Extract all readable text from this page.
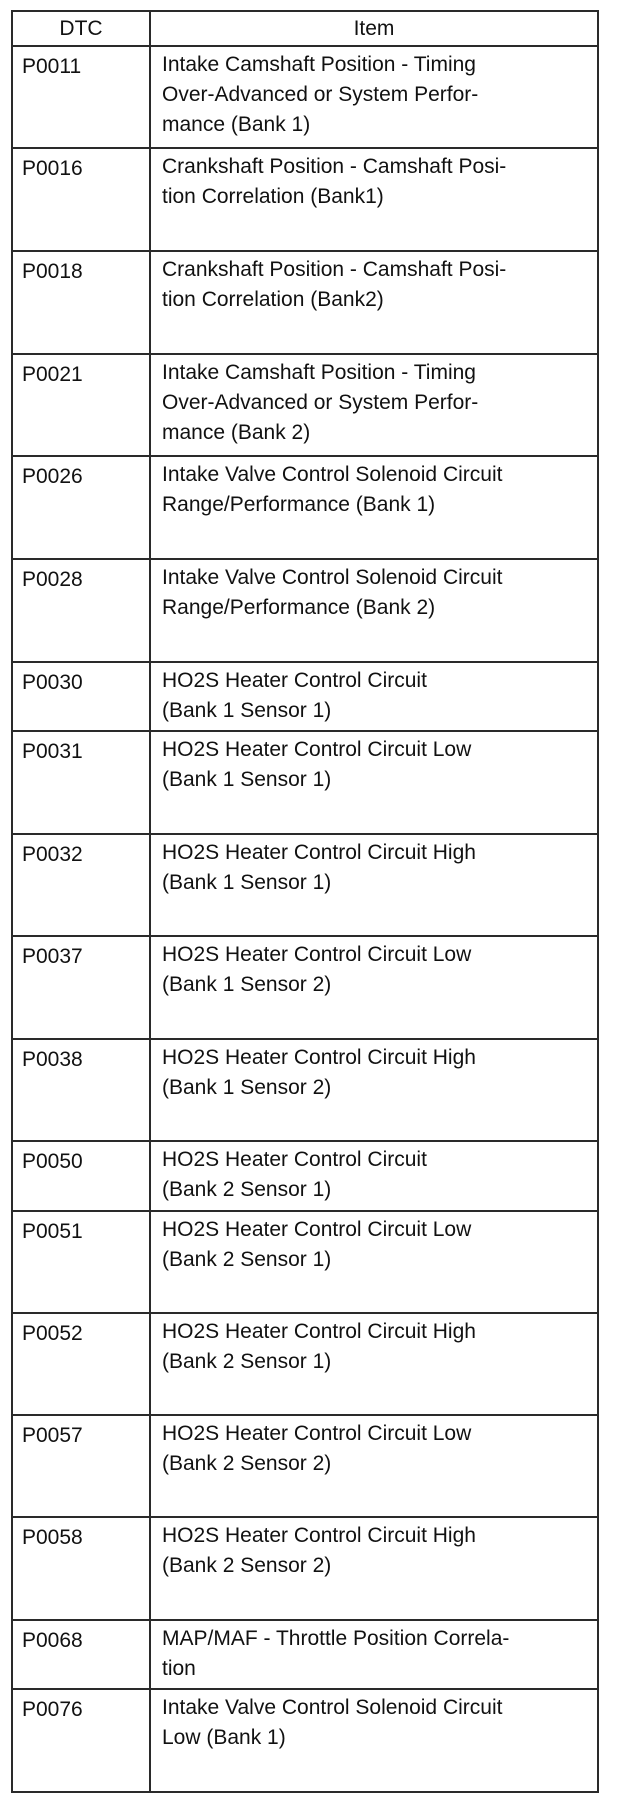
DTC	Item
P0011	Intake Camshaft Position - Timing
Over-Advanced or System Perfor-
mance (Bank 1)
P0016	Crankshaft Position - Camshaft Posi-
tion Correlation (Bank1)
P0018	Crankshaft Position - Camshaft Posi-
tion Correlation (Bank2)
P0021	Intake Camshaft Position - Timing
Over-Advanced or System Perfor-
mance (Bank 2)
P0026	Intake Valve Control Solenoid Circuit
Range/Performance (Bank 1)
P0028	Intake Valve Control Solenoid Circuit
Range/Performance (Bank 2)
P0030	HO2S Heater Control Circuit
(Bank 1 Sensor 1)
P0031	HO2S Heater Control Circuit Low
(Bank 1 Sensor 1)
P0032	HO2S Heater Control Circuit High
(Bank 1 Sensor 1)
P0037	HO2S Heater Control Circuit Low
(Bank 1 Sensor 2)
P0038	HO2S Heater Control Circuit High
(Bank 1 Sensor 2)
P0050	HO2S Heater Control Circuit
(Bank 2 Sensor 1)
P0051	HO2S Heater Control Circuit Low
(Bank 2 Sensor 1)
P0052	HO2S Heater Control Circuit High
(Bank 2 Sensor 1)
P0057	HO2S Heater Control Circuit Low
(Bank 2 Sensor 2)
P0058	HO2S Heater Control Circuit High
(Bank 2 Sensor 2)
P0068	MAP/MAF - Throttle Position Correla-
tion
P0076	Intake Valve Control Solenoid Circuit
Low (Bank 1)
